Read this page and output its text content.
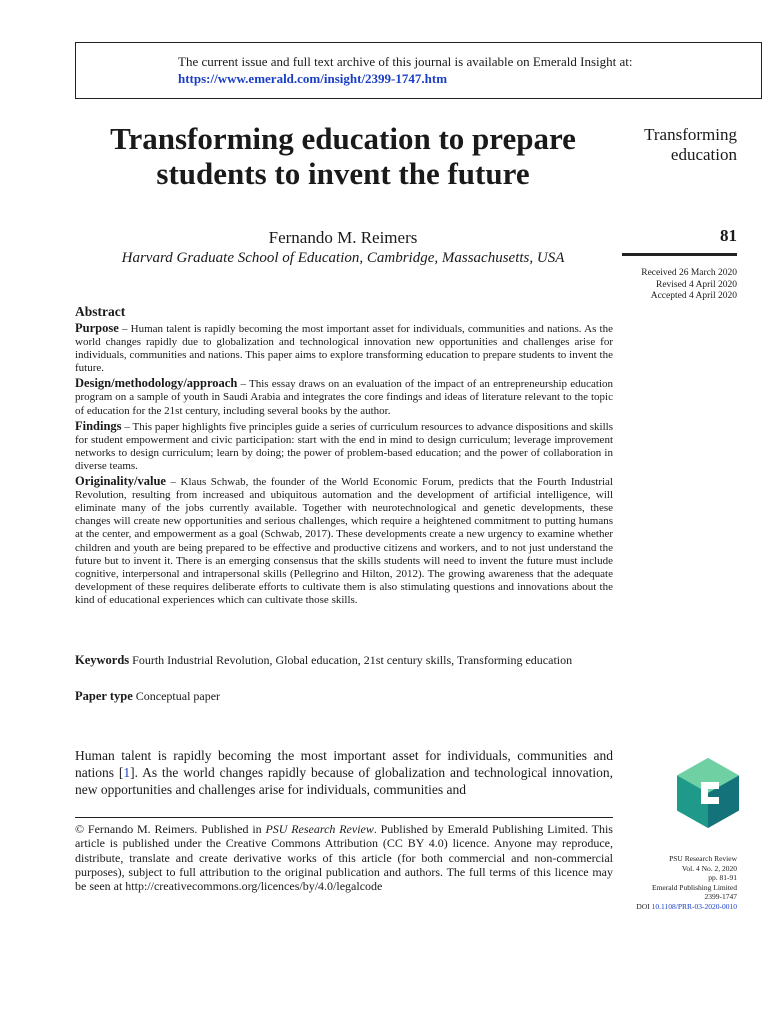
The current issue and full text archive of this journal is available on Emerald Insight at:
https://www.emerald.com/insight/2399-1747.htm
Transforming education to prepare students to invent the future
Fernando M. Reimers
Harvard Graduate School of Education, Cambridge, Massachusetts, USA
Transforming education
81
Received 26 March 2020
Revised 4 April 2020
Accepted 4 April 2020
Abstract

Purpose – Human talent is rapidly becoming the most important asset for individuals, communities and nations. As the world changes rapidly due to globalization and technological innovation new opportunities and challenges arise for individuals, communities and nations. This paper aims to explore transforming education to prepare students to invent the future.

Design/methodology/approach – This essay draws on an evaluation of the impact of an entrepreneurship education program on a sample of youth in Saudi Arabia and integrates the core findings and ideas of literature relevant to the topic of education for the 21st century, including several books by the author.

Findings – This paper highlights five principles guide a series of curriculum resources to advance dispositions and skills for student empowerment and civic participation: start with the end in mind to design curriculum; leverage improvement networks to design curriculum; learn by doing; the power of problem-based education; and the power of collaboration in diverse teams.

Originality/value – Klaus Schwab, the founder of the World Economic Forum, predicts that the Fourth Industrial Revolution, resulting from increased and ubiquitous automation and the development of artificial intelligence, will eliminate many of the jobs currently available. Together with neurotechnological and genetic developments, these changes will create new opportunities and serious challenges, which require a heightened commitment to putting humans at the center, and empowerment as a goal (Schwab, 2017). These developments create a new urgency to examine whether children and youth are being prepared to be effective and productive citizens and workers, and to not just understand the future but to invent it. There is an emerging consensus that the skills students will need to invent the future must include cognitive, interpersonal and intrapersonal skills (Pellegrino and Hilton, 2012). The growing awareness that the adequate development of these requires deliberate efforts to cultivate them is also stimulating questions and innovations about the kind of educational experiences which can cultivate those skills.

Keywords Fourth Industrial Revolution, Global education, 21st century skills, Transforming education
Paper type Conceptual paper

Human talent is rapidly becoming the most important asset for individuals, communities and nations [1]. As the world changes rapidly because of globalization and technological innovation, new opportunities and challenges arise for individuals, communities and

© Fernando M. Reimers. Published in PSU Research Review. Published by Emerald Publishing Limited. This article is published under the Creative Commons Attribution (CC BY 4.0) licence. Anyone may reproduce, distribute, translate and create derivative works of this article (for both commercial and non-commercial purposes), subject to full attribution to the original publication and authors. The full terms of this licence may be seen at http://creativecommons.org/licences/by/4.0/legalcode

PSU Research Review
Vol. 4 No. 2, 2020
pp. 81-91
Emerald Publishing Limited
2399-1747
DOI 10.1108/PRR-03-2020-0010
